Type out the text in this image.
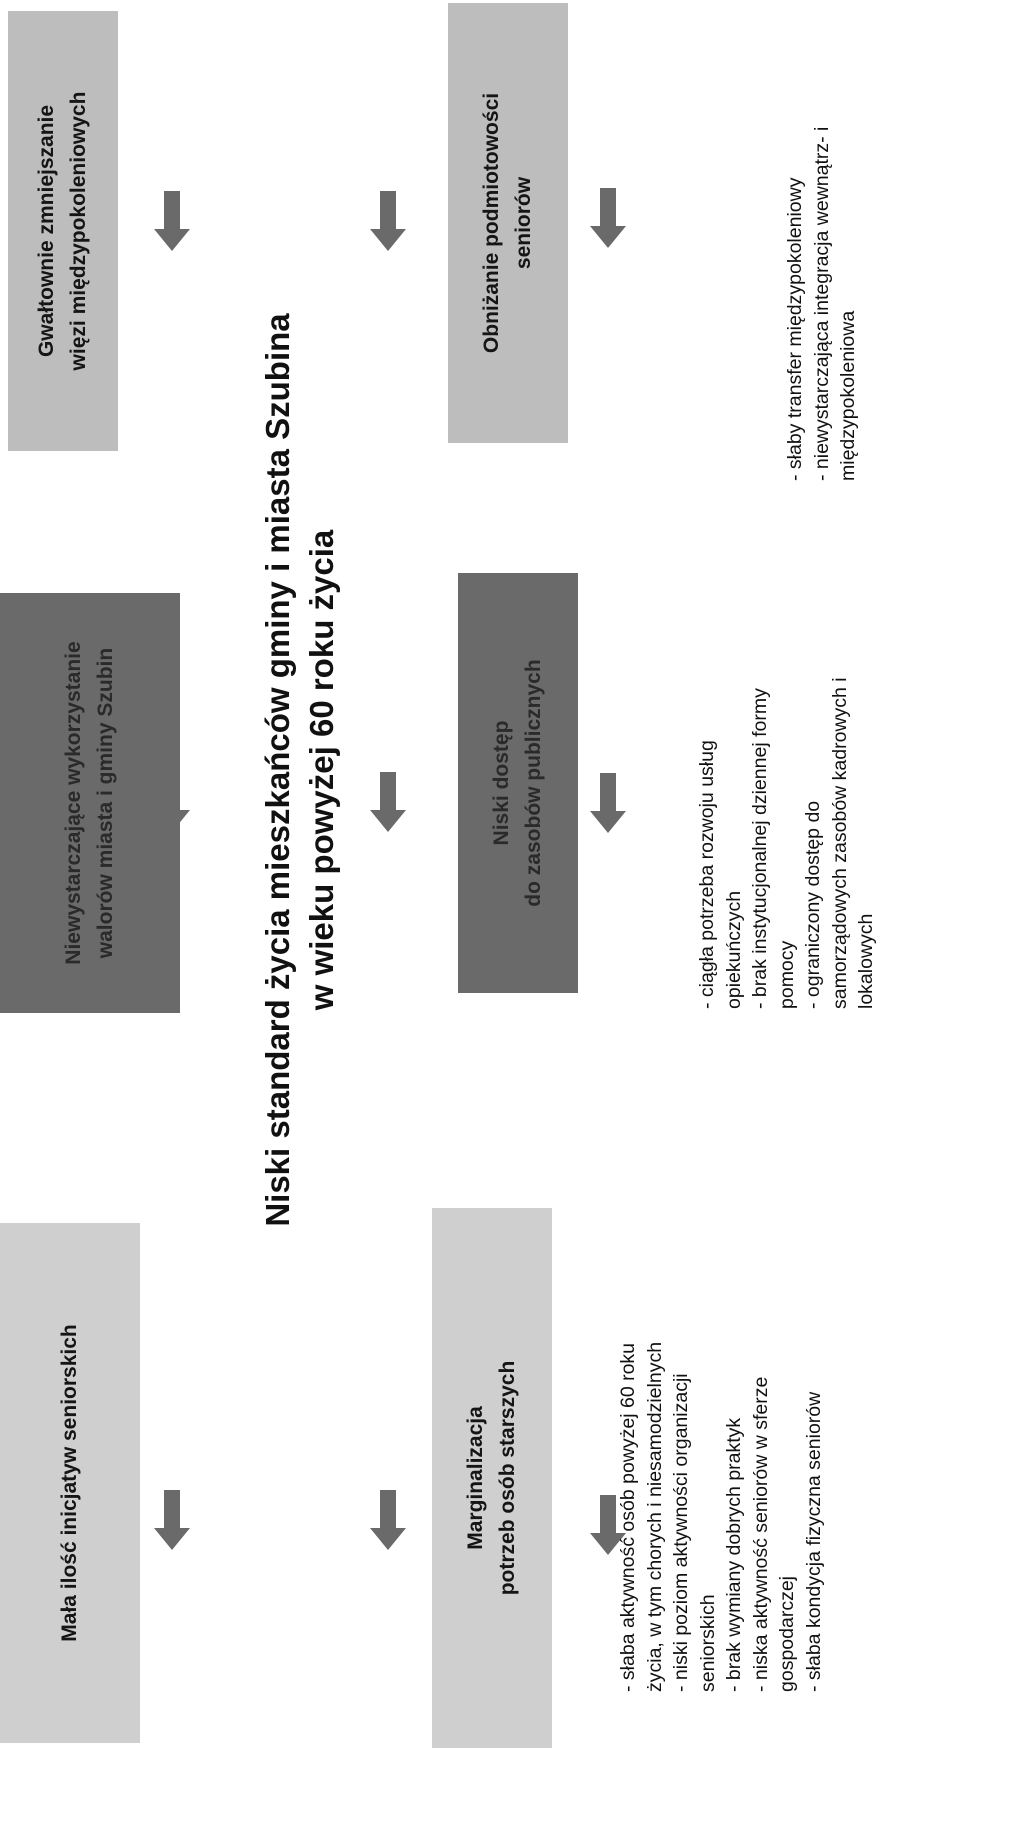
Mała ilość inicjatyw seniorskich
Niewystarczające wykorzystanie walorów miasta i gminy Szubin
Gwałtownie zmniejszanie więzi międzypokoleniowych
Niski standard życia mieszkańców gminy i miasta Szubina w wieku powyżej 60 roku życia
Marginalizacja potrzeb osób starszych
Niski dostęp do zasobów publicznych
Obniżanie podmiotowości seniorów
- słaba aktywność osób powyżej 60 roku życia, w tym chorych i niesamodzielnych - niski poziom aktywności organizacji seniorskich - brak wymiany dobrych praktyk - niska aktywność seniorów w sferze gospodarczej - słaba kondycja fizyczna seniorów
- ciągła potrzeba rozwoju usług opiekuńczych - brak instytucjonalnej dziennej formy pomocy - ograniczony dostęp do samorządowych zasobów kadrowych i lokalowych
- słaby transfer międzypokoleniowy - niewystarczająca integracja wewnątrz- i międzypokoleniowa
